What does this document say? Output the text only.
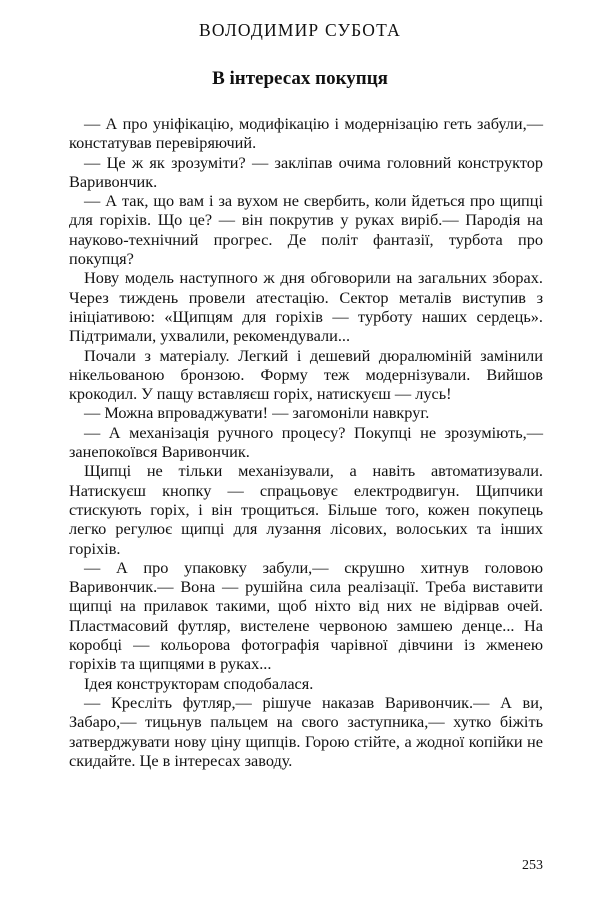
ВОЛОДИМИР СУБОТА
В інтересах покупця

— А про уніфікацію, модифікацію і модернізацію геть забули,— констатував перевіряючий.

— Це ж як зрозуміти? — закліпав очима головний конструктор Варивончик.

— А так, що вам і за вухом не свербить, коли йдеться про щипці для горіхів. Що це? — він покрутив у руках виріб.— Пародія на науково-технічний прогрес. Де політ фантазії, турбота про покупця?

Нову модель наступного ж дня обговорили на загальних зборах. Через тиждень провели атестацію. Сектор металів виступив з ініціативою: «Щипцям для горіхів — турботу наших сердець». Підтримали, ухвалили, рекомендували...

Почали з матеріалу. Легкий і дешевий дюралюміній замінили нікельованою бронзою. Форму теж модернізували. Вийшов крокодил. У пащу вставляєш горіх, натискуєш — лусь!

— Можна впроваджувати! — загомоніли навкруг.

— А механізація ручного процесу? Покупці не зрозуміють,— занепокоївся Варивончик.

Щипці не тільки механізували, а навіть автоматизували. Натискуєш кнопку — спрацьовує електродвигун. Щипчики стискують горіх, і він трощиться. Більше того, кожен покупець легко регулює щипці для лузання лісових, волоських та інших горіхів.

— А про упаковку забули,— скрушно хитнув головою Варивончик.— Вона — рушійна сила реалізації. Треба виставити щипці на прилавок такими, щоб ніхто від них не відірвав очей. Пластмасовий футляр, вистелене червоною замшею денце... На коробці — кольорова фотографія чарівної дівчини із жменею горіхів та щипцями в руках...

Ідея конструкторам сподобалася.

— Кресліть футляр,— рішуче наказав Варивончик.— А ви, Забаро,— тицьнув пальцем на свого заступника,— хутко біжіть затверджувати нову ціну щипців. Горою стійте, а жодної копійки не скидайте. Це в інтересах заводу.

253
